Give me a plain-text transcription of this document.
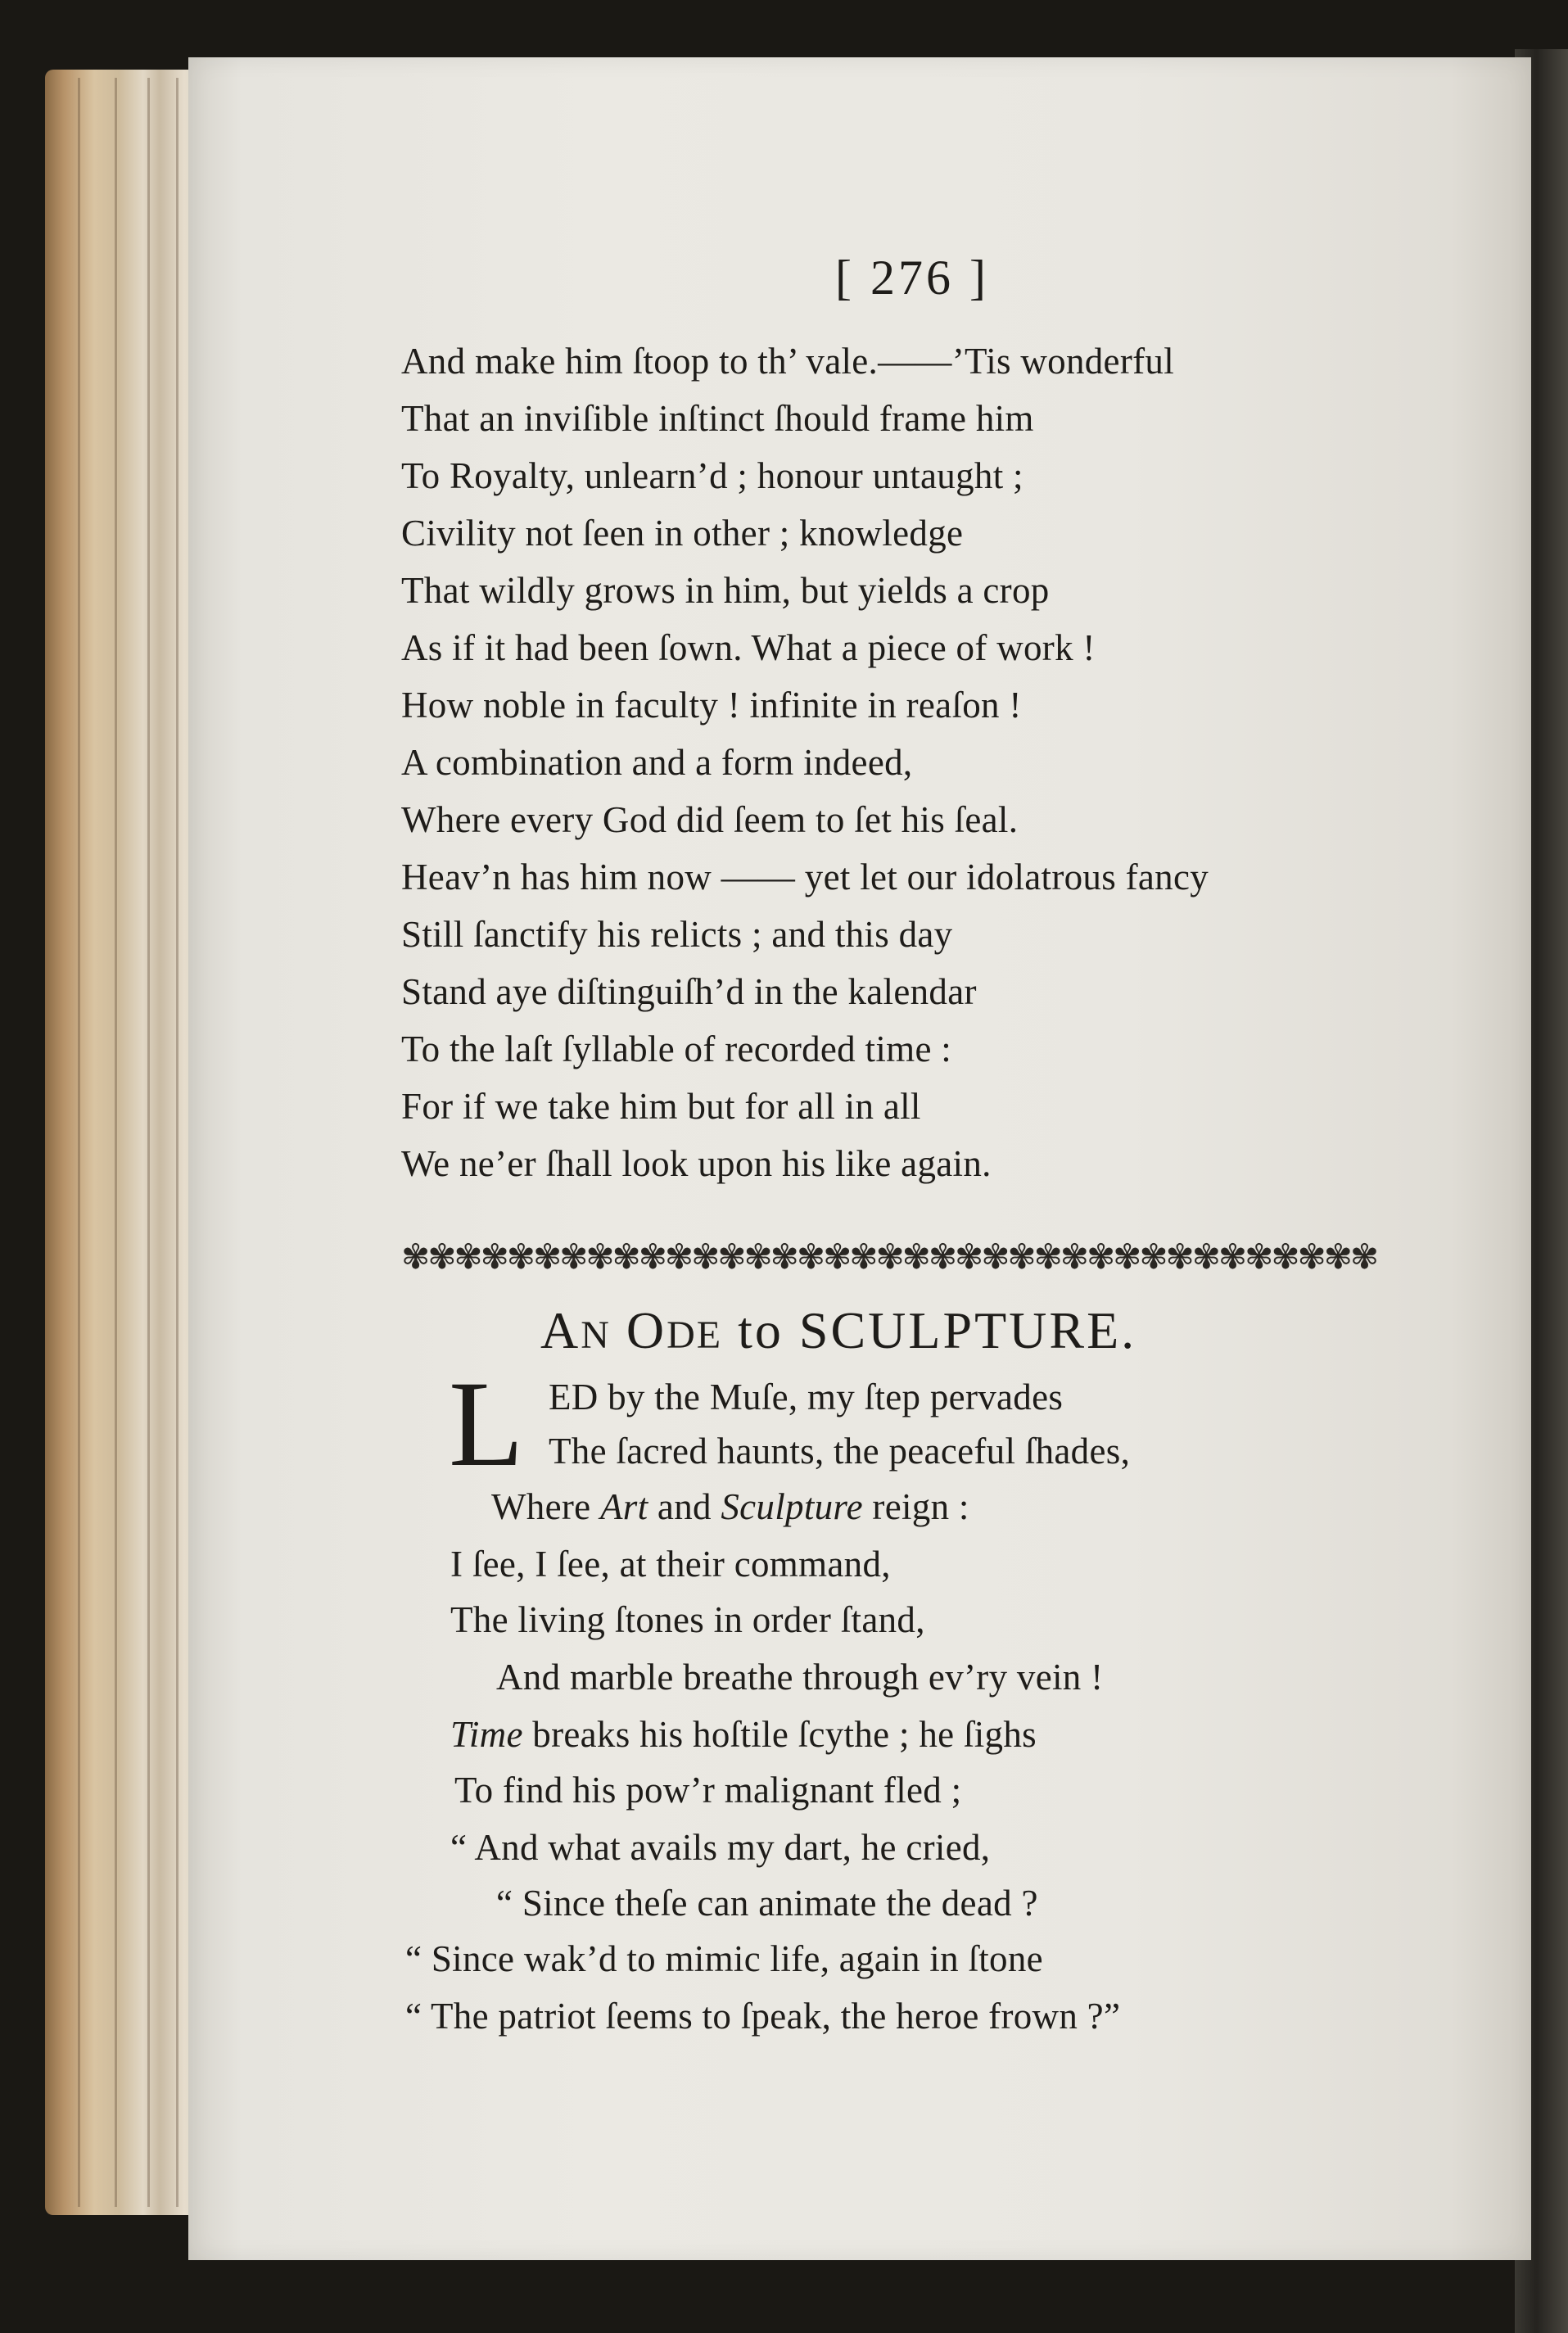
[ 276 ]
And make him ſtoop to th’ vale.——’Tis wonderful
That an inviſible inſtinct ſhould frame him
To Royalty, unlearn’d ; honour untaught ;
Civility not ſeen in other ; knowledge
That wildly grows in him, but yields a crop
As if it had been ſown. What a piece of work !
How noble in faculty ! infinite in reaſon !
A combination and a form indeed,
Where every God did ſeem to ſet his ſeal.
Heav’n has him now —— yet let our idolatrous fancy
Still ſanctify his relicts ; and this day
Stand aye diſtinguiſh’d in the kalendar
To the laſt ſyllable of recorded time :
For if we take him but for all in all
We ne’er ſhall look upon his like again.
✾✾✾✾✾✾✾✾✾✾✾✾✾✾✾✾✾✾✾✾✾✾✾✾✾✾✾✾✾✾✾✾✾✾✾✾✾
AN ODE to SCULPTURE.
L ED by the Muſe, my ſtep pervades
The ſacred haunts, the peaceful ſhades,
Where Art and Sculpture reign :
I ſee, I ſee, at their command,
The living ſtones in order ſtand,
And marble breathe through ev’ry vein !
Time breaks his hoſtile ſcythe ; he ſighs
To find his pow’r malignant fled ;
“ And what avails my dart, he cried,
“ Since theſe can animate the dead ?
“ Since wak’d to mimic life, again in ſtone
“ The patriot ſeems to ſpeak, the heroe frown ?”
